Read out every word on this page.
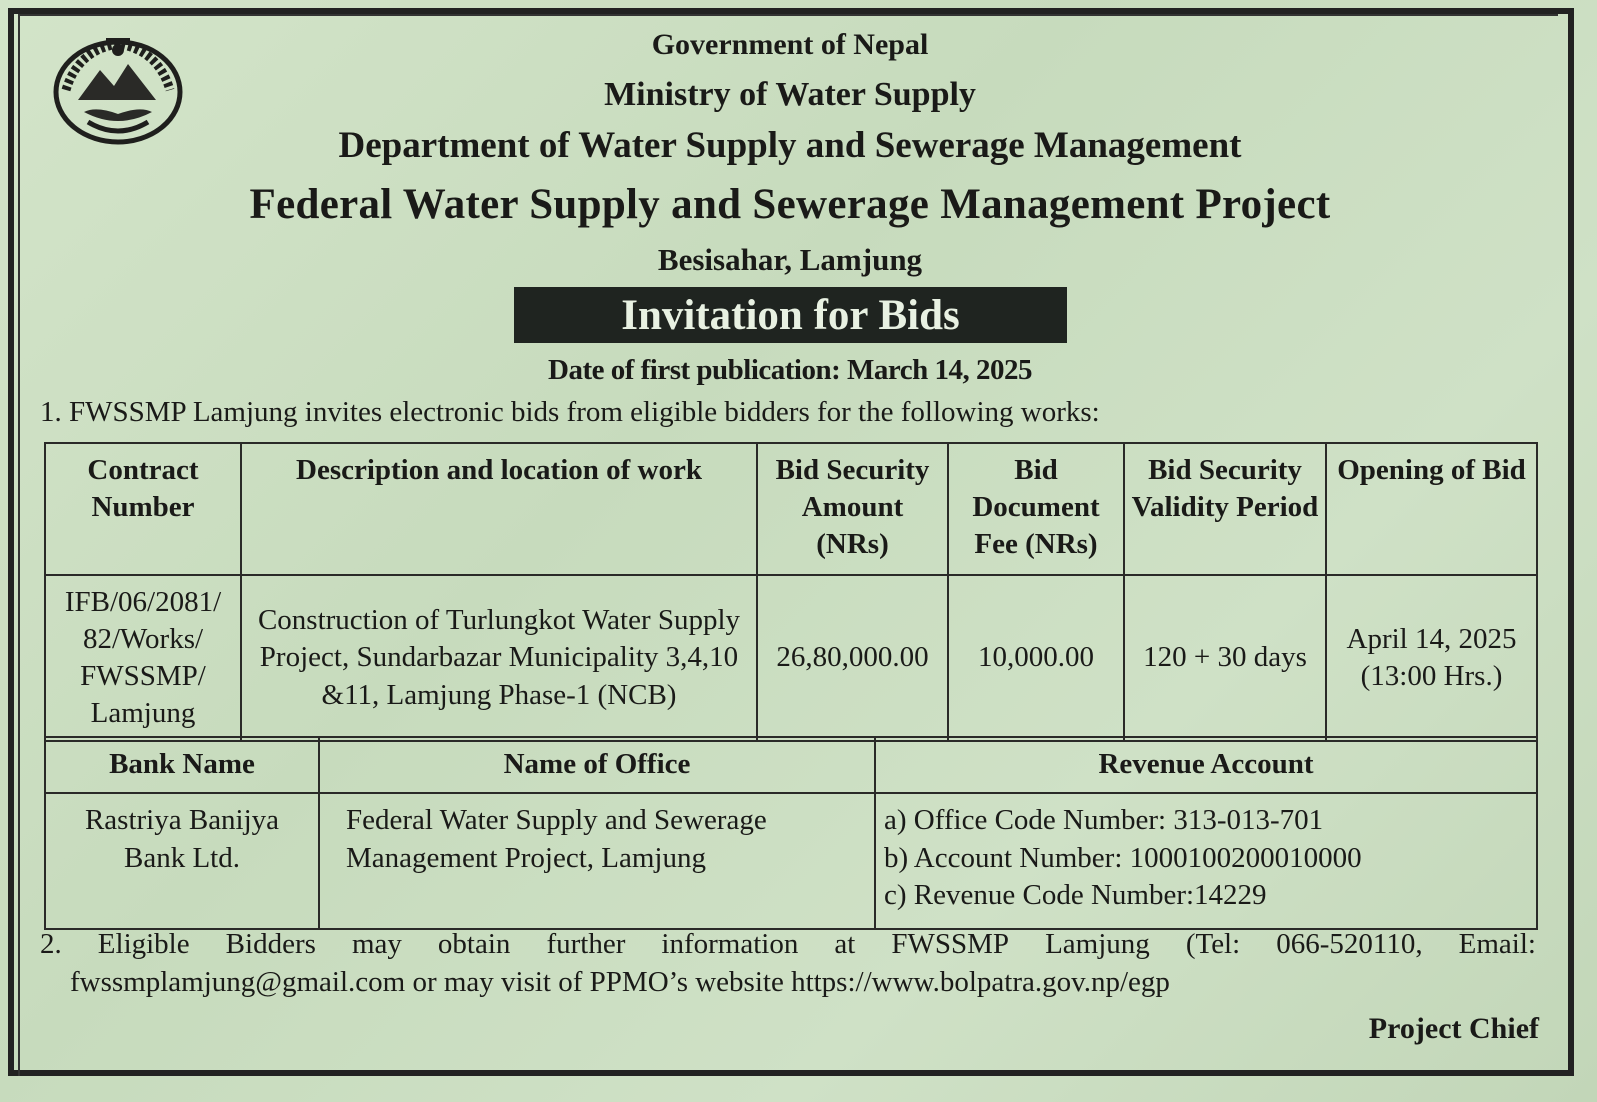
Government of Nepal
Ministry of Water Supply
Department of Water Supply and Sewerage Management
Federal Water Supply and Sewerage Management Project
Besisahar, Lamjung
Invitation for Bids
Date of first publication: March 14, 2025
1. FWSSMP Lamjung invites electronic bids from eligible bidders for the following works:
Contract Number	Description and location of work	Bid Security Amount (NRs)	Bid Document Fee (NRs)	Bid Security Validity Period	Opening of Bid
IFB/06/2081/ 82/Works/ FWSSMP/ Lamjung	Construction of Turlungkot Water Supply Project, Sundarbazar Municipality 3,4,10 &11, Lamjung Phase-1 (NCB)	26,80,000.00	10,000.00	120 + 30 days	April 14, 2025 (13:00 Hrs.)
Bank Name	Name of Office	Revenue Account
Rastriya Banijya Bank Ltd.	Federal Water Supply and Sewerage Management Project, Lamjung	a) Office Code Number: 313-013-701
b) Account Number: 1000100200010000
c) Revenue Code Number:14229
2. Eligible Bidders may obtain further information at FWSSMP Lamjung (Tel: 066-520110, Email:
fwssmplamjung@gmail.com or may visit of PPMO’s website https://www.bolpatra.gov.np/egp
Project Chief
